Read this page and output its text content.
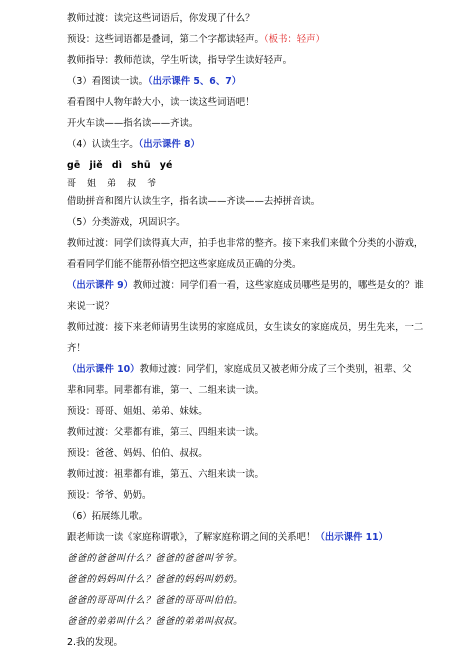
教师过渡：读完这些词语后，你发现了什么？
预设：这些词语都是叠词，第二个字都读轻声。（板书：轻声）
教师指导：教师范读，学生听读，指导学生读好轻声。
（3）看图读一读。（出示课件 5、6、7）
看看图中人物年龄大小，读一读这些词语吧！
开火车读——指名读——齐读。
（4）认读生字。（出示课件 8）
gē jiě dì shū yé
哥 姐 弟 叔 爷
借助拼音和图片认读生字，指名读——齐读——去掉拼音读。
（5）分类游戏，巩固识字。
教师过渡：同学们读得真大声，拍手也非常的整齐。接下来我们来做个分类的小游戏，
看看同学们能不能帮孙悟空把这些家庭成员正确的分类。
（出示课件 9）教师过渡：同学们看一看，这些家庭成员哪些是男的，哪些是女的？谁
来说一说？
教师过渡：接下来老师请男生读男的家庭成员，女生读女的家庭成员，男生先来，一二
齐！
（出示课件 10）教师过渡：同学们，家庭成员又被老师分成了三个类别，祖辈、父
辈和同辈。同辈都有谁，第一、二组来读一读。
预设：哥哥、姐姐、弟弟、妹妹。
教师过渡：父辈都有谁，第三、四组来读一读。
预设：爸爸、妈妈、伯伯、叔叔。
教师过渡：祖辈都有谁，第五、六组来读一读。
预设：爷爷、奶奶。
（6）拓展练儿歌。
跟老师读一读《家庭称谓歌》，了解家庭称谓之间的关系吧！（出示课件 11）
爸爸的爸爸叫什么？爸爸的爸爸叫爷爷。
爸爸的妈妈叫什么？爸爸的妈妈叫奶奶。
爸爸的哥哥叫什么？爸爸的哥哥叫伯伯。
爸爸的弟弟叫什么？爸爸的弟弟叫叔叔。
2.我的发现。
